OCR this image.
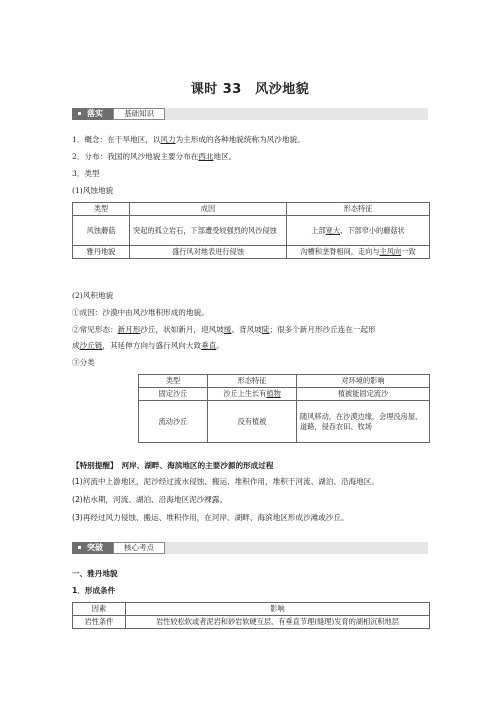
课时 33　风沙地貌
落实	基础知识
1．概念：在干旱地区，以风力为主形成的各种地貌统称为风沙地貌。
2．分布：我国的风沙地貌主要分布在西北地区。
3．类型
(1)风蚀地貌
类型	成因	形态特征
风蚀蘑菇	突起的孤立岩石，下部遭受较强烈的风沙侵蚀	上部宽大、下部窄小的蘑菇状
雅丹地貌	盛行风对地表进行侵蚀	沟槽和垄脊相间，走向与主风向一致
(2)风积地貌
①成因：沙漠中由风沙堆积形成的地貌。
②常见形态：新月形沙丘，状如新月，迎风坡缓、背风坡陡；很多个新月形沙丘连在一起形
成沙丘链，其延伸方向与盛行风向大致垂直。
③分类
类型	形态特征	对环境的影响
固定沙丘	沙丘上生长有植物	植被能固定流沙
流动沙丘	没有植被	随风移动，在沙漠边缘，会埋没房屋、道路，侵吞农田、牧场
【特别提醒】 河岸、湖畔、海滨地区的主要沙源的形成过程
(1)河流中上游地区，泥沙经过流水侵蚀、搬运、堆积作用，堆积于河流、湖泊、沿海地区。
(2)枯水期，河流、湖泊、沿海地区泥沙裸露。
(3)再经过风力侵蚀、搬运、堆积作用，在河岸、湖畔、海滨地区形成沙滩或沙丘。
突破	核心考点
一、雅丹地貌
1．形成条件
因素	影响
岩性条件	岩性较松软或者泥岩和砂岩软硬互层、有垂直节理(缝理)发育的湖相沉积地层
